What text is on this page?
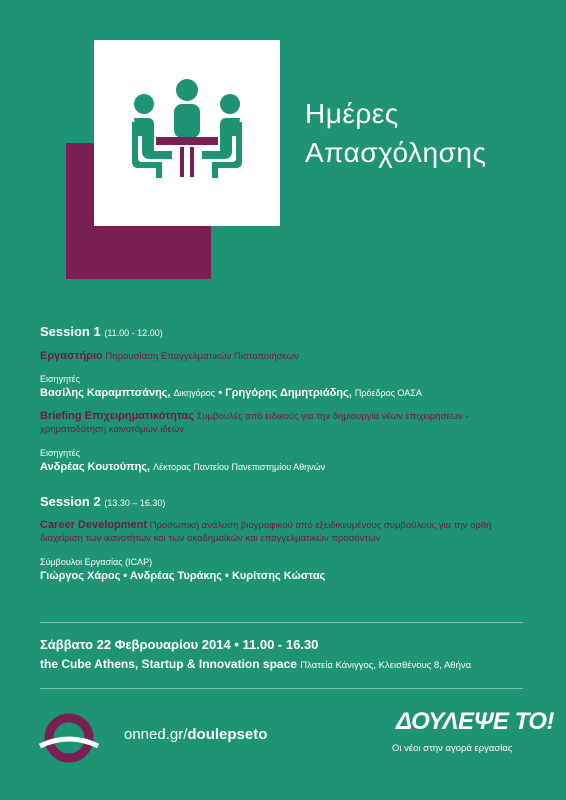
Ημέρες
Απασχόλησης
Session 1 (11.00 - 12.00)
Εργαστήριο Παρουσίαση Επαγγελματικών Πιστοποιήσεων
Εισηγητές
Βασίλης Καραμπτσάνης, Δικηγόρος • Γρηγόρης Δημητριάδης, Πρόεδρος ΟΑΣΑ
Briefing Επιχειρηματικότητας Συμβουλές από ειδικούς για την δημιουργία νέων επιχειρήσεων - χρηματοδότηση καινοτόμων ιδεών
Εισηγητές
Ανδρέας Κουτούπης, Λέκτορας Παντείου Πανεπιστημίου Αθηνών
Session 2 (13.30 – 16.30)
Career Development Προσωπική ανάλυση βιογραφικού από εξειδικευμένους συμβούλους για την ορθή διαχείριση των ικανοτήτων και των ακαδημαϊκών και επαγγελματικών προσόντων
Σύμβουλοι Εργασίας (ICAP)
Γιώργος Χάρος • Ανδρέας Τυράκης • Κυρίτσης Κώστας
Σάββατο 22 Φεβρουαρίου 2014 • 11.00 - 16.30
the Cube Athens, Startup & Innovation space Πλατεία Κάνιγγος, Κλεισθένους 8, Αθήνα
onned.gr/doulepseto	ΔΟΥΛΕΨΕ ΤΟ!
Οι νέοι στην αγορά εργασίας
